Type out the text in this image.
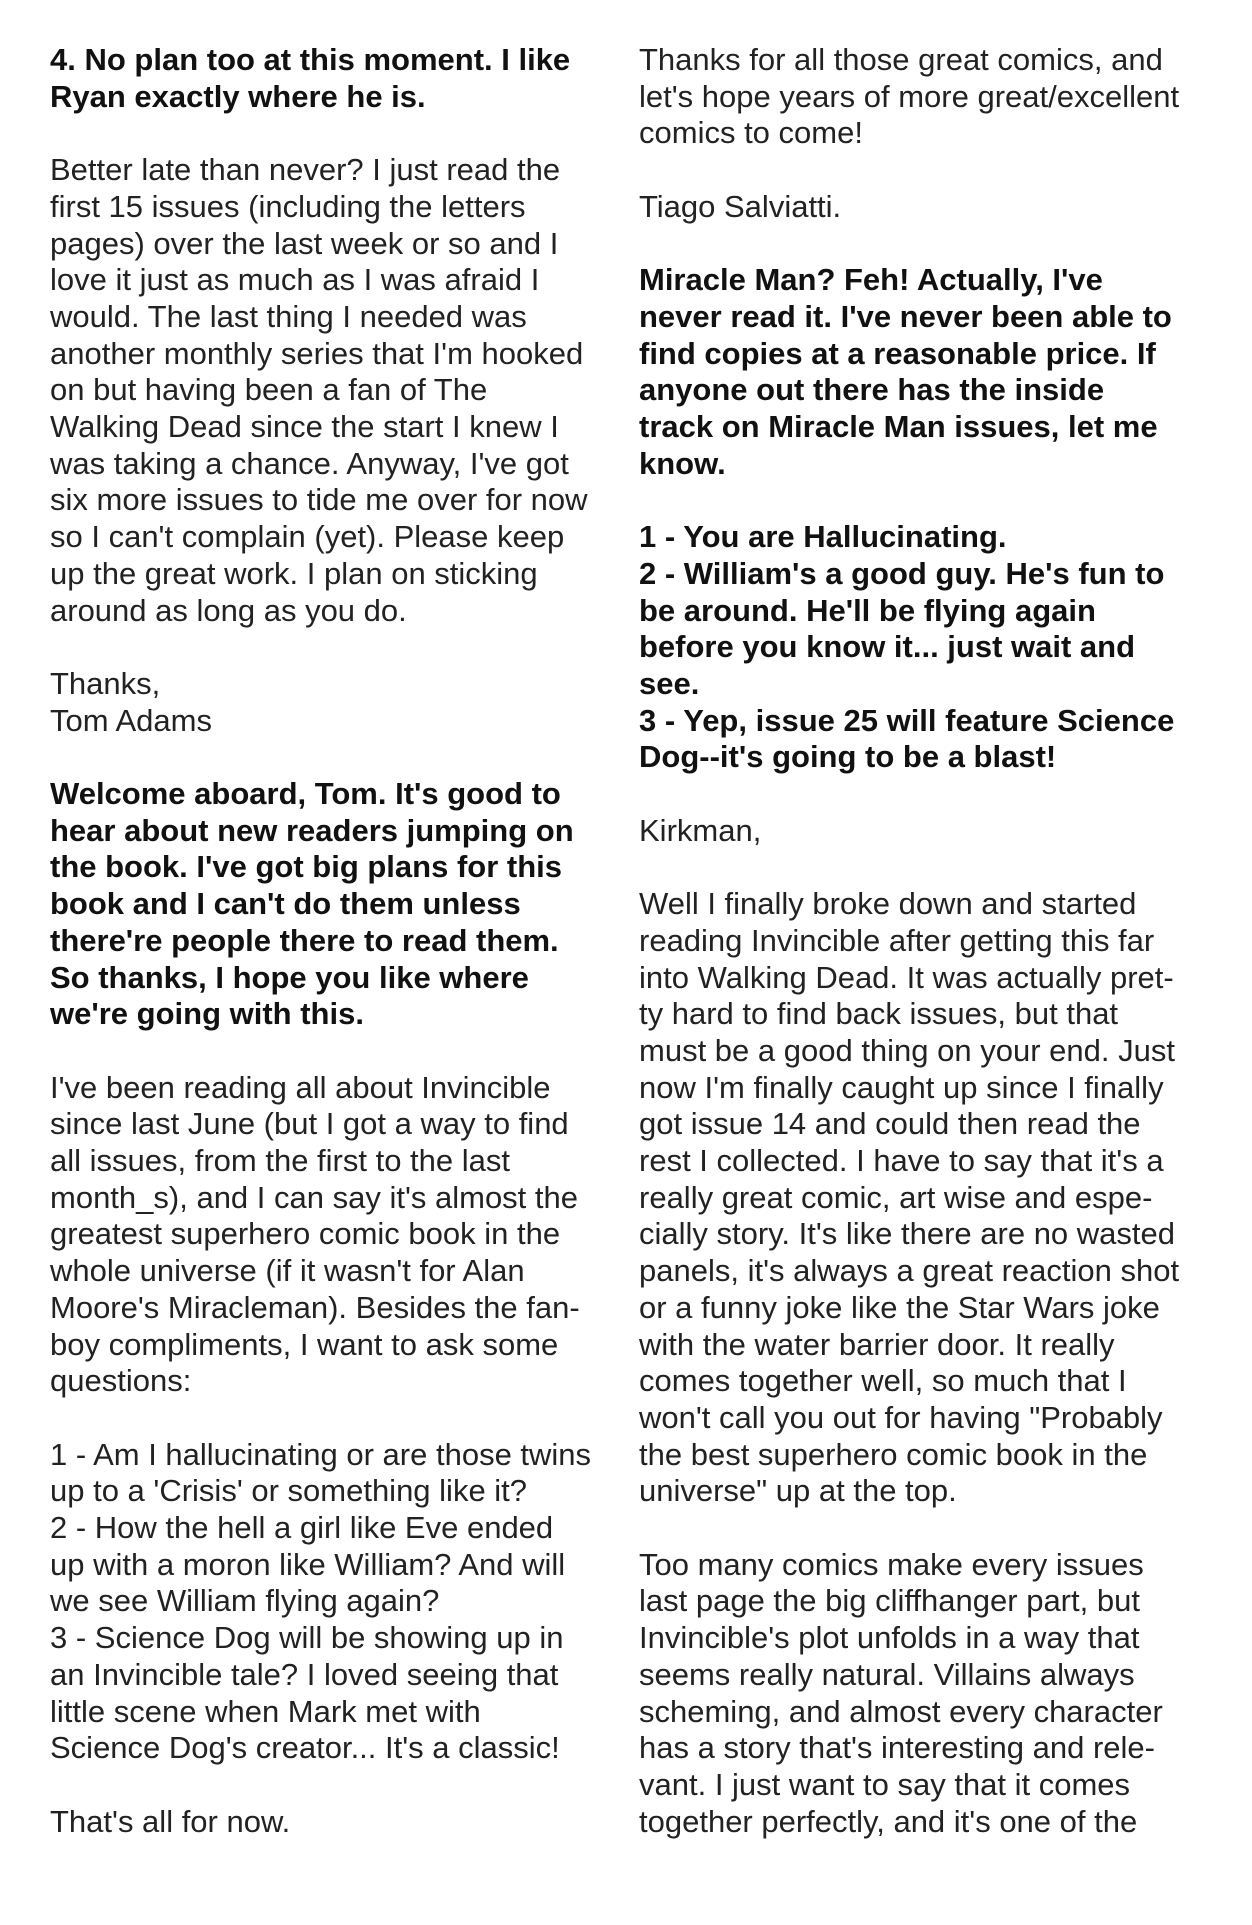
4. No plan too at this moment. I like
Ryan exactly where he is.

Better late than never? I just read the
first 15 issues (including the letters
pages) over the last week or so and I
love it just as much as I was afraid I
would. The last thing I needed was
another monthly series that I'm hooked
on but having been a fan of The
Walking Dead since the start I knew I
was taking a chance. Anyway, I've got
six more issues to tide me over for now
so I can't complain (yet). Please keep
up the great work. I plan on sticking
around as long as you do.

Thanks,
Tom Adams

Welcome aboard, Tom. It's good to
hear about new readers jumping on
the book. I've got big plans for this
book and I can't do them unless
there're people there to read them.
So thanks, I hope you like where
we're going with this.

I've been reading all about Invincible
since last June (but I got a way to find
all issues, from the first to the last
month_s), and I can say it's almost the
greatest superhero comic book in the
whole universe (if it wasn't for Alan
Moore's Miracleman). Besides the fan-
boy compliments, I want to ask some
questions:

1 - Am I hallucinating or are those twins
up to a 'Crisis' or something like it?
2 - How the hell a girl like Eve ended
up with a moron like William? And will
we see William flying again?
3 - Science Dog will be showing up in
an Invincible tale? I loved seeing that
little scene when Mark met with
Science Dog's creator... It's a classic!

That's all for now.

Thanks for all those great comics, and
let's hope years of more great/excellent
comics to come!

Tiago Salviatti.

Miracle Man? Feh! Actually, I've
never read it. I've never been able to
find copies at a reasonable price. If
anyone out there has the inside
track on Miracle Man issues, let me
know.

1 - You are Hallucinating.
2 - William's a good guy. He's fun to
be around. He'll be flying again
before you know it... just wait and
see.
3 - Yep, issue 25 will feature Science
Dog--it's going to be a blast!

Kirkman,

Well I finally broke down and started
reading Invincible after getting this far
into Walking Dead. It was actually pret-
ty hard to find back issues, but that
must be a good thing on your end. Just
now I'm finally caught up since I finally
got issue 14 and could then read the
rest I collected. I have to say that it's a
really great comic, art wise and espe-
cially story. It's like there are no wasted
panels, it's always a great reaction shot
or a funny joke like the Star Wars joke
with the water barrier door. It really
comes together well, so much that I
won't call you out for having "Probably
the best superhero comic book in the
universe" up at the top.

Too many comics make every issues
last page the big cliffhanger part, but
Invincible's plot unfolds in a way that
seems really natural. Villains always
scheming, and almost every character
has a story that's interesting and rele-
vant. I just want to say that it comes
together perfectly, and it's one of the
